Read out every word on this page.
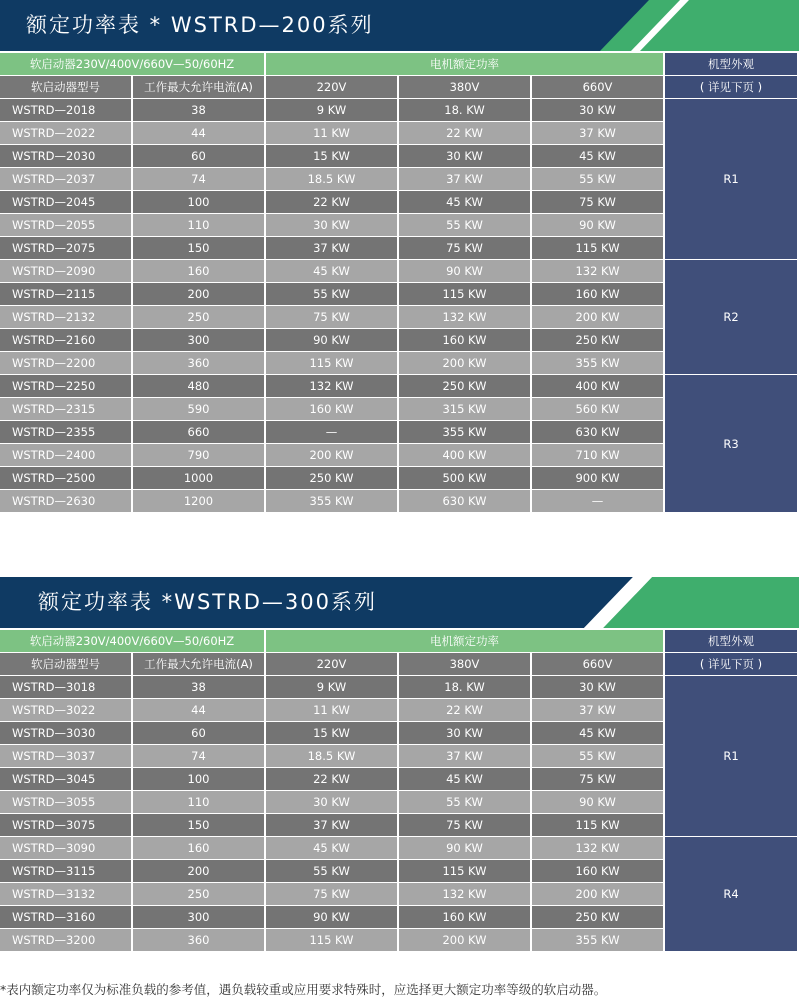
额定功率表 * WSTRD—200系列
软启动器230V/400V/660V—50/60HZ		电机额定功率			机型外观
软启动器型号	工作最大允许电流(A)	220V	380V	660V	( 详见下页 )
WSTRD—2018	38	9 KW	18. KW	30 KW	R1
WSTRD—2022	44	11 KW	22 KW	37 KW	
WSTRD—2030	60	15 KW	30 KW	45 KW	
WSTRD—2037	74	18.5 KW	37 KW	55 KW	
WSTRD—2045	100	22 KW	45 KW	75 KW	
WSTRD—2055	110	30 KW	55 KW	90 KW	
WSTRD—2075	150	37 KW	75 KW	115 KW	
WSTRD—2090	160	45 KW	90 KW	132 KW	R2
WSTRD—2115	200	55 KW	115 KW	160 KW	
WSTRD—2132	250	75 KW	132 KW	200 KW	
WSTRD—2160	300	90 KW	160 KW	250 KW	
WSTRD—2200	360	115 KW	200 KW	355 KW	
WSTRD—2250	480	132 KW	250 KW	400 KW	R3
WSTRD—2315	590	160 KW	315 KW	560 KW	
WSTRD—2355	660	—	355 KW	630 KW	
WSTRD—2400	790	200 KW	400 KW	710 KW	
WSTRD—2500	1000	250 KW	500 KW	900 KW	
WSTRD—2630	1200	355 KW	630 KW	—	
额定功率表 *WSTRD—300系列
软启动器230V/400V/660V—50/60HZ		电机额定功率			机型外观
软启动器型号	工作最大允许电流(A)	220V	380V	660V	( 详见下页 )
WSTRD—3018	38	9 KW	18. KW	30 KW	R1
WSTRD—3022	44	11 KW	22 KW	37 KW	
WSTRD—3030	60	15 KW	30 KW	45 KW	
WSTRD—3037	74	18.5 KW	37 KW	55 KW	
WSTRD—3045	100	22 KW	45 KW	75 KW	
WSTRD—3055	110	30 KW	55 KW	90 KW	
WSTRD—3075	150	37 KW	75 KW	115 KW	
WSTRD—3090	160	45 KW	90 KW	132 KW	R4
WSTRD—3115	200	55 KW	115 KW	160 KW	
WSTRD—3132	250	75 KW	132 KW	200 KW	
WSTRD—3160	300	90 KW	160 KW	250 KW	
WSTRD—3200	360	115 KW	200 KW	355 KW	
*表内额定功率仅为标准负载的参考值，遇负载较重或应用要求特殊时，应选择更大额定功率等级的软启动器。
